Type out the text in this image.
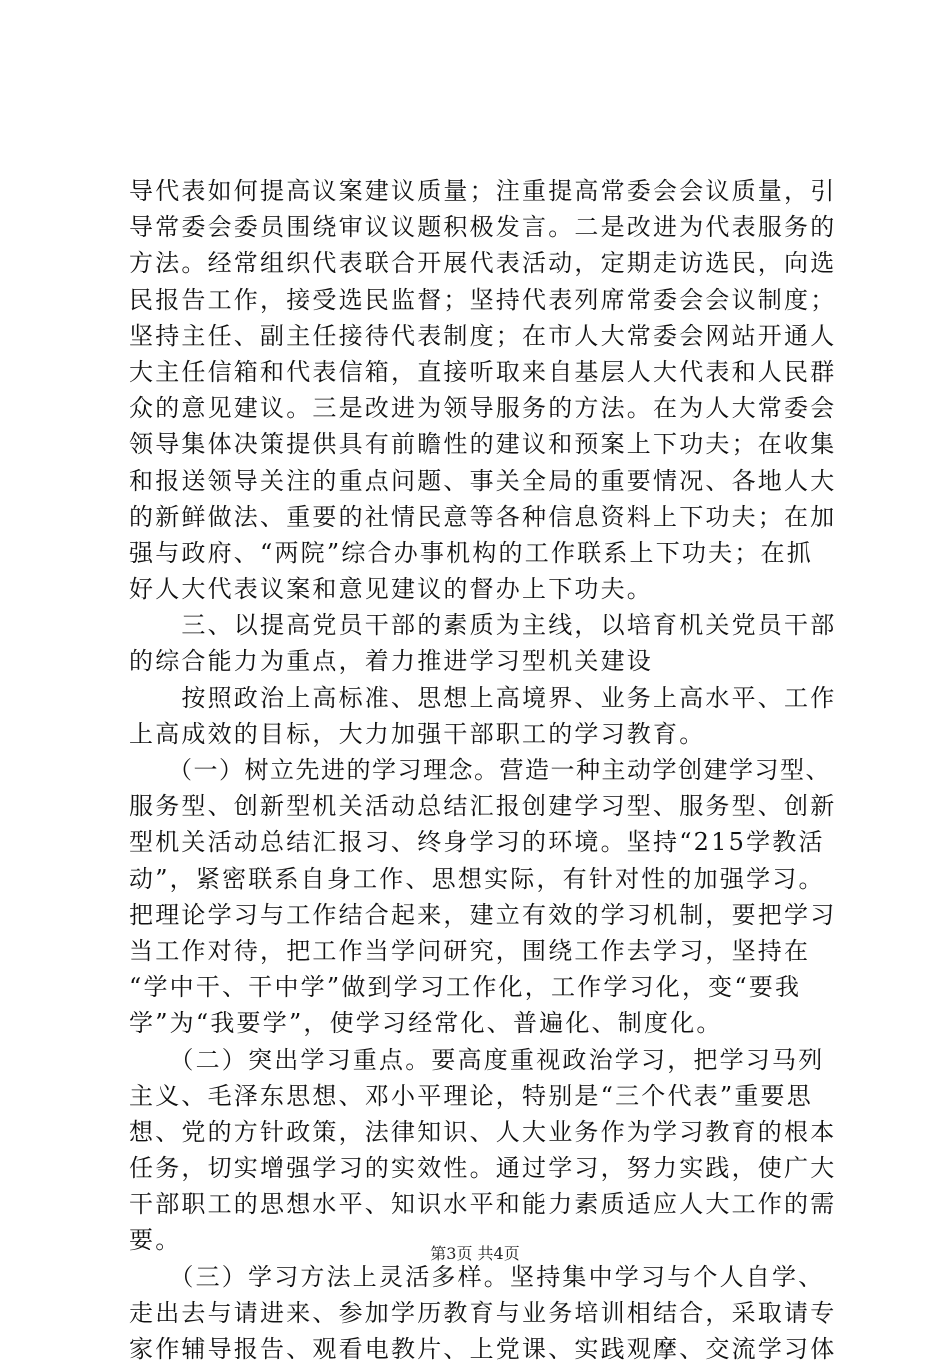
导代表如何提高议案建议质量；注重提高常委会会议质量，引
导常委会委员围绕审议议题积极发言。二是改进为代表服务的
方法。经常组织代表联合开展代表活动，定期走访选民，向选
民报告工作，接受选民监督；坚持代表列席常委会会议制度；
坚持主任、副主任接待代表制度；在市人大常委会网站开通人
大主任信箱和代表信箱，直接听取来自基层人大代表和人民群
众的意见建议。三是改进为领导服务的方法。在为人大常委会
领导集体决策提供具有前瞻性的建议和预案上下功夫；在收集
和报送领导关注的重点问题、事关全局的重要情况、各地人大
的新鲜做法、重要的社情民意等各种信息资料上下功夫；在加
强与政府、“两院”综合办事机构的工作联系上下功夫；在抓
好人大代表议案和意见建议的督办上下功夫。
　　三、以提高党员干部的素质为主线，以培育机关党员干部
的综合能力为重点，着力推进学习型机关建设
　　按照政治上高标准、思想上高境界、业务上高水平、工作
上高成效的目标，大力加强干部职工的学习教育。
　　（一）树立先进的学习理念。营造一种主动学创建学习型、
服务型、创新型机关活动总结汇报创建学习型、服务型、创新
型机关活动总结汇报习、终身学习的环境。坚持“215学教活
动”，紧密联系自身工作、思想实际，有针对性的加强学习。
把理论学习与工作结合起来，建立有效的学习机制，要把学习
当工作对待，把工作当学问研究，围绕工作去学习，坚持在
“学中干、干中学”做到学习工作化，工作学习化，变“要我
学”为“我要学”，使学习经常化、普遍化、制度化。
　　（二）突出学习重点。要高度重视政治学习，把学习马列
主义、毛泽东思想、邓小平理论，特别是“三个代表”重要思
想、党的方针政策，法律知识、人大业务作为学习教育的根本
任务，切实增强学习的实效性。通过学习，努力实践，使广大
干部职工的思想水平、知识水平和能力素质适应人大工作的需
要。
　　（三）学习方法上灵活多样。坚持集中学习与个人自学、
走出去与请进来、参加学历教育与业务培训相结合，采取请专
家作辅导报告、观看电教片、上党课、实践观摩、交流学习体
第3页 共4页
